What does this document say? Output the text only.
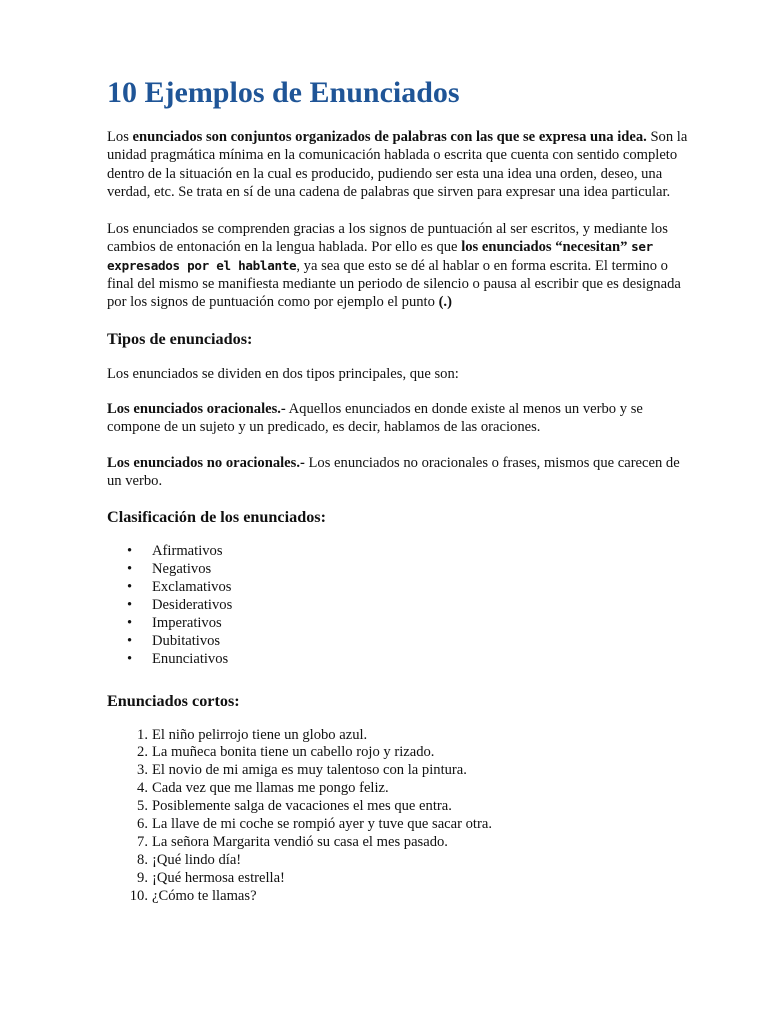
10 Ejemplos de Enunciados

Los enunciados son conjuntos organizados de palabras con las que se expresa una idea. Son la unidad pragmática mínima en la comunicación hablada o escrita que cuenta con sentido completo dentro de la situación en la cual es producido, pudiendo ser esta una idea una orden, deseo, una verdad, etc. Se trata en sí de una cadena de palabras que sirven para expresar una idea particular.

Los enunciados se comprenden gracias a los signos de puntuación al ser escritos, y mediante los cambios de entonación en la lengua hablada. Por ello es que los enunciados “necesitan” ser expresados por el hablante, ya sea que esto se dé al hablar o en forma escrita. El termino o final del mismo se manifiesta mediante un periodo de silencio o pausa al escribir que es designada por los signos de puntuación como por ejemplo el punto (.)

Tipos de enunciados:

Los enunciados se dividen en dos tipos principales, que son:

Los enunciados oracionales.- Aquellos enunciados en donde existe al menos un verbo y se compone de un sujeto y un predicado, es decir, hablamos de las oraciones.

Los enunciados no oracionales.- Los enunciados no oracionales o frases, mismos que carecen de un verbo.

Clasificación de los enunciados:
• Afirmativos
• Negativos
• Exclamativos
• Desiderativos
• Imperativos
• Dubitativos
• Enunciativos
Enunciados cortos:
1. El niño pelirrojo tiene un globo azul.
2. La muñeca bonita tiene un cabello rojo y rizado.
3. El novio de mi amiga es muy talentoso con la pintura.
4. Cada vez que me llamas me pongo feliz.
5. Posiblemente salga de vacaciones el mes que entra.
6. La llave de mi coche se rompió ayer y tuve que sacar otra.
7. La señora Margarita vendió su casa el mes pasado.
8. ¡Qué lindo día!
9. ¡Qué hermosa estrella!
10. ¿Cómo te llamas?
